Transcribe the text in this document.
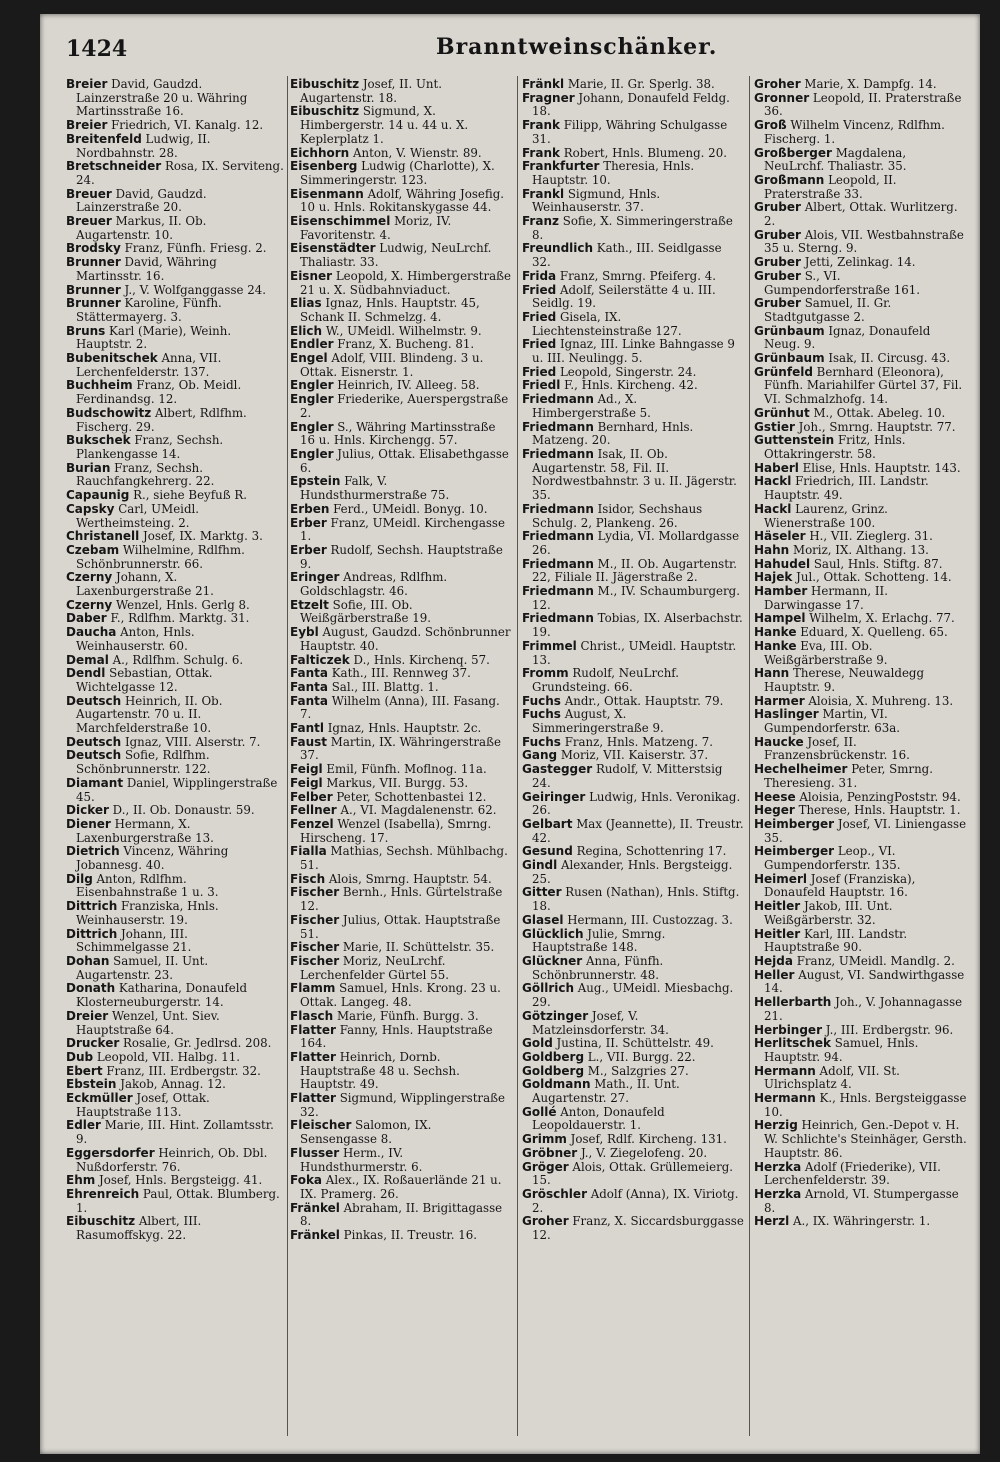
1424	Branntweinschänker.
Breier David, Gaudzd. Lainzerstraße 20 u. Währing Martinsstraße 16.
Breier Friedrich, VI. Kanalg. 12.
Breitenfeld Ludwig, II. Nordbahnstr. 28.
Bretschneider Rosa, IX. Serviteng. 24.
Breuer David, Gaudzd. Lainzerstraße 20.
Breuer Markus, II. Ob. Augartenstr. 10.
Brodsky Franz, Fünfh. Friesg. 2.
Brunner David, Währing Martinsstr. 16.
Brunner J., V. Wolfganggasse 24.
Brunner Karoline, Fünfh. Stättermayerg. 3.
Bruns Karl (Marie), Weinh. Hauptstr. 2.
Bubenitschek Anna, VII. Lerchenfelderstr. 137.
Buchheim Franz, Ob. Meidl. Ferdinandsg. 12.
Budschowitz Albert, Rdlfhm. Fischerg. 29.
Bukschek Franz, Sechsh. Plankengasse 14.
Burian Franz, Sechsh. Rauchfangkehrerg. 22.
Capaunig R., siehe Beyfuß R.
Capsky Carl, UMeidl. Wertheimsteing. 2.
Christanell Josef, IX. Marktg. 3.
Czebam Wilhelmine, Rdlfhm. Schönbrunnerstr. 66.
Czerny Johann, X. Laxenburgerstraße 21.
Czerny Wenzel, Hnls. Gerlg 8.
Daber F., Rdlfhm. Marktg. 31.
Daucha Anton, Hnls. Weinhauserstr. 60.
Demal A., Rdlfhm. Schulg. 6.
Dendl Sebastian, Ottak. Wichtelgasse 12.
Deutsch Heinrich, II. Ob. Augartenstr. 70 u. II. Marchfelderstraße 10.
Deutsch Ignaz, VIII. Alserstr. 7.
Deutsch Sofie, Rdlfhm. Schönbrunnerstr. 122.
Diamant Daniel, Wipplingerstraße 45.
Dicker D., II. Ob. Donaustr. 59.
Diener Hermann, X. Laxenburgerstraße 13.
Dietrich Vincenz, Währing Jobannesg. 40.
Dilg Anton, Rdlfhm. Eisenbahnstraße 1 u. 3.
Dittrich Franziska, Hnls. Weinhauserstr. 19.
Dittrich Johann, III. Schimmelgasse 21.
Dohan Samuel, II. Unt. Augartenstr. 23.
Donath Katharina, Donaufeld Klosterneuburgerstr. 14.
Dreier Wenzel, Unt. Siev. Hauptstraße 64.
Drucker Rosalie, Gr. Jedlrsd. 208.
Dub Leopold, VII. Halbg. 11.
Ebert Franz, III. Erdbergstr. 32.
Ebstein Jakob, Annag. 12.
Eckmüller Josef, Ottak. Hauptstraße 113.
Edler Marie, III. Hint. Zollamtsstr. 9.
Eggersdorfer Heinrich, Ob. Dbl. Nußdorferstr. 76.
Ehm Josef, Hnls. Bergsteigg. 41.
Ehrenreich Paul, Ottak. Blumberg. 1.
Eibuschitz Albert, III. Rasumoffskyg. 22.
Eibuschitz Josef, II. Unt. Augartenstr. 18.
Eibuschitz Sigmund, X. Himbergerstr. 14 u. 44 u. X. Keplerplatz 1.
Eichhorn Anton, V. Wienstr. 89.
Eisenberg Ludwig (Charlotte), X. Simmeringerstr. 123.
Eisenmann Adolf, Währing Josefig. 10 u. Hnls. Rokitanskygasse 44.
Eisenschimmel Moriz, IV. Favoritenstr. 4.
Eisenstädter Ludwig, NeuLrchf. Thaliastr. 33.
Eisner Leopold, X. Himbergerstraße 21 u. X. Südbahnviaduct.
Elias Ignaz, Hnls. Hauptstr. 45, Schank II. Schmelzg. 4.
Elich W., UMeidl. Wilhelmstr. 9.
Endler Franz, X. Bucheng. 81.
Engel Adolf, VIII. Blindeng. 3 u. Ottak. Eisnerstr. 1.
Engler Heinrich, IV. Alleeg. 58.
Engler Friederike, Auerspergstraße 2.
Engler S., Währing Martinsstraße 16 u. Hnls. Kirchengg. 57.
Engler Julius, Ottak. Elisabethgasse 6.
Epstein Falk, V. Hundsthurmerstraße 75.
Erben Ferd., UMeidl. Bonyg. 10.
Erber Franz, UMeidl. Kirchengasse 1.
Erber Rudolf, Sechsh. Hauptstraße 9.
Eringer Andreas, Rdlfhm. Goldschlagstr. 46.
Etzelt Sofie, III. Ob. Weißgärberstraße 19.
Eybl August, Gaudzd. Schönbrunner Hauptstr. 40.
Falticzek D., Hnls. Kirchenq. 57.
Fanta Kath., III. Rennweg 37.
Fanta Sal., III. Blattg. 1.
Fanta Wilhelm (Anna), III. Fasang. 7.
Fantl Ignaz, Hnls. Hauptstr. 2c.
Faust Martin, IX. Währingerstraße 37.
Feigl Emil, Fünfh. Moflnog. 11a.
Feigl Markus, VII. Burgg. 53.
Felber Peter, Schottenbastei 12.
Fellner A., VI. Magdalenenstr. 62.
Fenzel Wenzel (Isabella), Smrng. Hirscheng. 17.
Fialla Mathias, Sechsh. Mühlbachg. 51.
Fisch Alois, Smrng. Hauptstr. 54.
Fischer Bernh., Hnls. Gürtelstraße 12.
Fischer Julius, Ottak. Hauptstraße 51.
Fischer Marie, II. Schüttelstr. 35.
Fischer Moriz, NeuLrchf. Lerchenfelder Gürtel 55.
Flamm Samuel, Hnls. Krong. 23 u. Ottak. Langeg. 48.
Flasch Marie, Fünfh. Burgg. 3.
Flatter Fanny, Hnls. Hauptstraße 164.
Flatter Heinrich, Dornb. Hauptstraße 48 u. Sechsh. Hauptstr. 49.
Flatter Sigmund, Wipplingerstraße 32.
Fleischer Salomon, IX. Sensengasse 8.
Flusser Herm., IV. Hundsthurmerstr. 6.
Foka Alex., IX. Roßauerlände 21 u. IX. Pramerg. 26.
Fränkel Abraham, II. Brigittagasse 8.
Fränkel Pinkas, II. Treustr. 16.
Fränkl Marie, II. Gr. Sperlg. 38.
Fragner Johann, Donaufeld Feldg. 18.
Frank Filipp, Währing Schulgasse 31.
Frank Robert, Hnls. Blumeng. 20.
Frankfurter Theresia, Hnls. Hauptstr. 10.
Frankl Sigmund, Hnls. Weinhauserstr. 37.
Franz Sofie, X. Simmeringerstraße 8.
Freundlich Kath., III. Seidlgasse 32.
Frida Franz, Smrng. Pfeiferg. 4.
Fried Adolf, Seilerstätte 4 u. III. Seidlg. 19.
Fried Gisela, IX. Liechtensteinstraße 127.
Fried Ignaz, III. Linke Bahngasse 9 u. III. Neulingg. 5.
Fried Leopold, Singerstr. 24.
Friedl F., Hnls. Kircheng. 42.
Friedmann Ad., X. Himbergerstraße 5.
Friedmann Bernhard, Hnls. Matzeng. 20.
Friedmann Isak, II. Ob. Augartenstr. 58, Fil. II. Nordwestbahnstr. 3 u. II. Jägerstr. 35.
Friedmann Isidor, Sechshaus Schulg. 2, Plankeng. 26.
Friedmann Lydia, VI. Mollardgasse 26.
Friedmann M., II. Ob. Augartenstr. 22, Filiale II. Jägerstraße 2.
Friedmann M., IV. Schaumburgerg. 12.
Friedmann Tobias, IX. Alserbachstr. 19.
Frimmel Christ., UMeidl. Hauptstr. 13.
Fromm Rudolf, NeuLrchf. Grundsteing. 66.
Fuchs Andr., Ottak. Hauptstr. 79.
Fuchs August, X. Simmeringerstraße 9.
Fuchs Franz, Hnls. Matzeng. 7.
Gang Moriz, VII. Kaiserstr. 37.
Gastegger Rudolf, V. Mitterstsig 24.
Geiringer Ludwig, Hnls. Veronikag. 26.
Gelbart Max (Jeannette), II. Treustr. 42.
Gesund Regina, Schottenring 17.
Gindl Alexander, Hnls. Bergsteigg. 25.
Gitter Rusen (Nathan), Hnls. Stiftg. 18.
Glasel Hermann, III. Custozzag. 3.
Glücklich Julie, Smrng. Hauptstraße 148.
Glückner Anna, Fünfh. Schönbrunnerstr. 48.
Göllrich Aug., UMeidl. Miesbachg. 29.
Götzinger Josef, V. Matzleinsdorferstr. 34.
Gold Justina, II. Schüttelstr. 49.
Goldberg L., VII. Burgg. 22.
Goldberg M., Salzgries 27.
Goldmann Math., II. Unt. Augartenstr. 27.
Gollé Anton, Donaufeld Leopoldauerstr. 1.
Grimm Josef, Rdlf. Kircheng. 131.
Gröbner J., V. Ziegelofeng. 20.
Gröger Alois, Ottak. Grüllemeierg. 15.
Gröschler Adolf (Anna), IX. Viriotg. 2.
Groher Franz, X. Siccardsburggasse 12.
Groher Marie, X. Dampfg. 14.
Gronner Leopold, II. Praterstraße 36.
Groß Wilhelm Vincenz, Rdlfhm. Fischerg. 1.
Großberger Magdalena, NeuLrchf. Thaliastr. 35.
Großmann Leopold, II. Praterstraße 33.
Gruber Albert, Ottak. Wurlitzerg. 2.
Gruber Alois, VII. Westbahnstraße 35 u. Sterng. 9.
Gruber Jetti, Zelinkag. 14.
Gruber S., VI. Gumpendorferstraße 161.
Gruber Samuel, II. Gr. Stadtgutgasse 2.
Grünbaum Ignaz, Donaufeld Neug. 9.
Grünbaum Isak, II. Circusg. 43.
Grünfeld Bernhard (Eleonora), Fünfh. Mariahilfer Gürtel 37, Fil. VI. Schmalzhofg. 14.
Grünhut M., Ottak. Abeleg. 10.
Gstier Joh., Smrng. Hauptstr. 77.
Guttenstein Fritz, Hnls. Ottakringerstr. 58.
Haberl Elise, Hnls. Hauptstr. 143.
Hackl Friedrich, III. Landstr. Hauptstr. 49.
Hackl Laurenz, Grinz. Wienerstraße 100.
Häseler H., VII. Zieglerg. 31.
Hahn Moriz, IX. Althang. 13.
Hahudel Saul, Hnls. Stiftg. 87.
Hajek Jul., Ottak. Schotteng. 14.
Hamber Hermann, II. Darwingasse 17.
Hampel Wilhelm, X. Erlachg. 77.
Hanke Eduard, X. Quelleng. 65.
Hanke Eva, III. Ob. Weißgärberstraße 9.
Hann Therese, Neuwaldegg Hauptstr. 9.
Harmer Aloisia, X. Muhreng. 13.
Haslinger Martin, VI. Gumpendorferstr. 63a.
Haucke Josef, II. Franzensbrückenstr. 16.
Hechelheimer Peter, Smrng. Theresieng. 31.
Heese Aloisia, PenzingPoststr. 94.
Heger Therese, Hnls. Hauptstr. 1.
Heimberger Josef, VI. Liniengasse 35.
Heimberger Leop., VI. Gumpendorferstr. 135.
Heimerl Josef (Franziska), Donaufeld Hauptstr. 16.
Heitler Jakob, III. Unt. Weißgärberstr. 32.
Heitler Karl, III. Landstr. Hauptstraße 90.
Hejda Franz, UMeidl. Mandlg. 2.
Heller August, VI. Sandwirthgasse 14.
Hellerbarth Joh., V. Johannagasse 21.
Herbinger J., III. Erdbergstr. 96.
Herlitschek Samuel, Hnls. Hauptstr. 94.
Hermann Adolf, VII. St. Ulrichsplatz 4.
Hermann K., Hnls. Bergsteiggasse 10.
Herzig Heinrich, Gen.-Depot v. H. W. Schlichte's Steinhäger, Gersth. Hauptstr. 86.
Herzka Adolf (Friederike), VII. Lerchenfelderstr. 39.
Herzka Arnold, VI. Stumpergasse 8.
Herzl A., IX. Währingerstr. 1.
